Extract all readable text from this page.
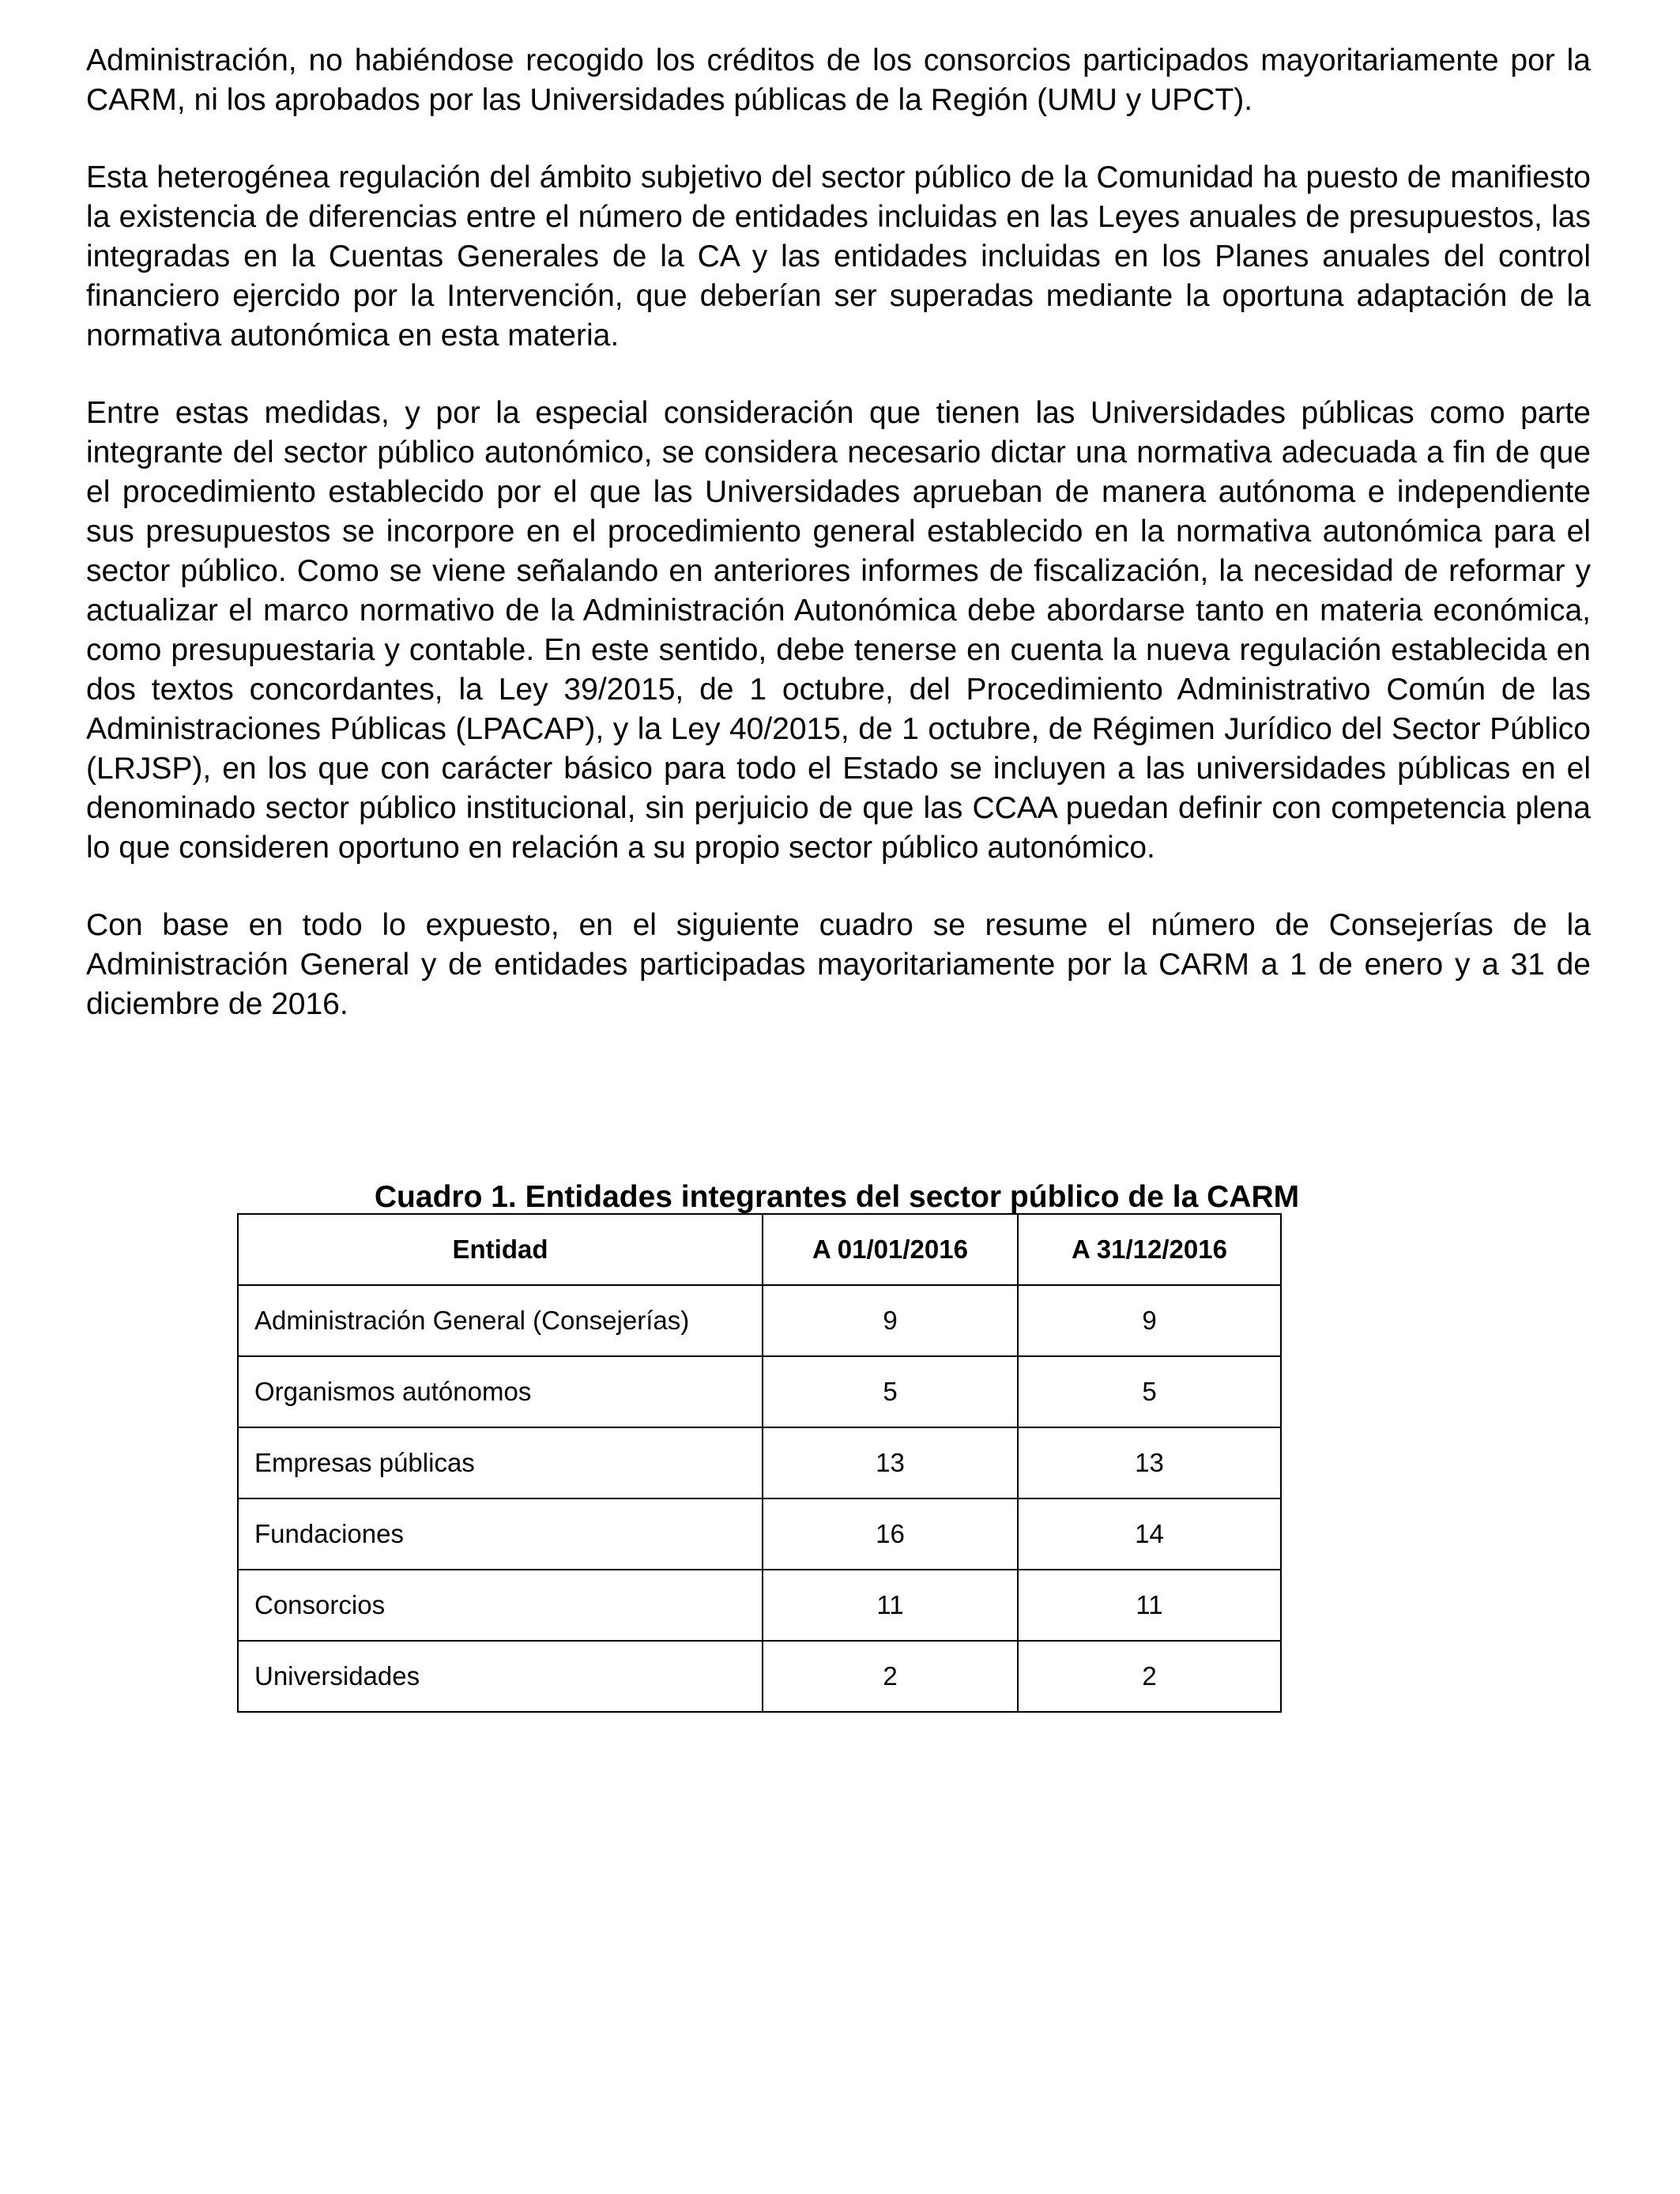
Administración, no habiéndose recogido los créditos de los consorcios participados mayoritariamente por la CARM, ni los aprobados por las Universidades públicas de la Región (UMU y UPCT).

Esta heterogénea regulación del ámbito subjetivo del sector público de la Comunidad ha puesto de manifiesto la existencia de diferencias entre el número de entidades incluidas en las Leyes anuales de presupuestos, las integradas en la Cuentas Generales de la CA y las entidades incluidas en los Planes anuales del control financiero ejercido por la Intervención, que deberían ser superadas mediante la oportuna adaptación de la normativa autonómica en esta materia.

Entre estas medidas, y por la especial consideración que tienen las Universidades públicas como parte integrante del sector público autonómico, se considera necesario dictar una normativa adecuada a fin de que el procedimiento establecido por el que las Universidades aprueban de manera autónoma e independiente sus presupuestos se incorpore en el procedimiento general establecido en la normativa autonómica para el sector público. Como se viene señalando en anteriores informes de fiscalización, la necesidad de reformar y actualizar el marco normativo de la Administración Autonómica debe abordarse tanto en materia económica, como presupuestaria y contable. En este sentido, debe tenerse en cuenta la nueva regulación establecida en dos textos concordantes, la Ley 39/2015, de 1 octubre, del Procedimiento Administrativo Común de las Administraciones Públicas (LPACAP), y la Ley 40/2015, de 1 octubre, de Régimen Jurídico del Sector Público (LRJSP), en los que con carácter básico para todo el Estado se incluyen a las universidades públicas en el denominado sector público institucional, sin perjuicio de que las CCAA puedan definir con competencia plena lo que consideren oportuno en relación a su propio sector público autonómico.

Con base en todo lo expuesto, en el siguiente cuadro se resume el número de Consejerías de la Administración General y de entidades participadas mayoritariamente por la CARM a 1 de enero y a 31 de diciembre de 2016.

Cuadro 1. Entidades integrantes del sector público de la CARM

Entidad	A 01/01/2016	A 31/12/2016
Administración General (Consejerías)	9	9
Organismos autónomos	5	5
Empresas públicas	13	13
Fundaciones	16	14
Consorcios	11	11
Universidades	2	2
